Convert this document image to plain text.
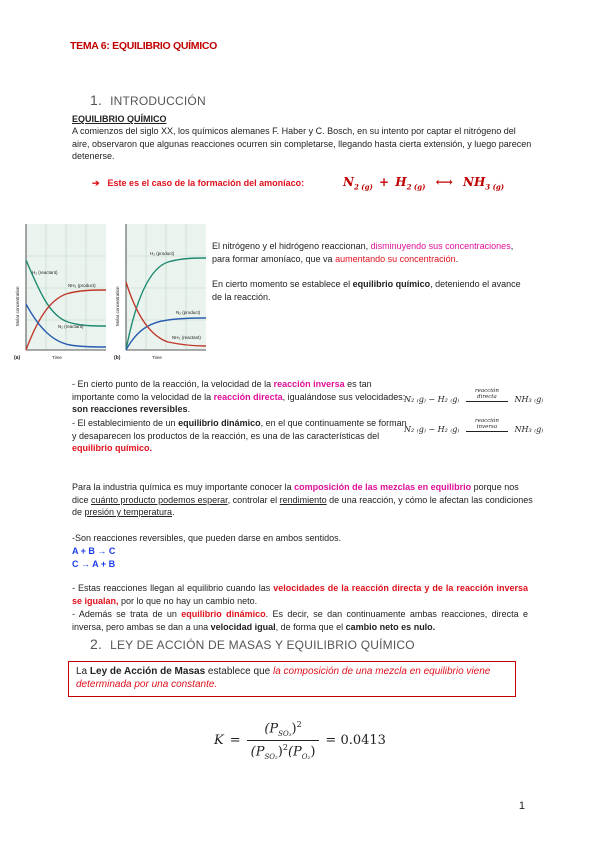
TEMA 6: EQUILIBRIO QUÍMICO
1. INTRODUCCIÓN
EQUILIBRIO QUÍMICO
A comienzos del siglo XX, los químicos alemanes F. Haber y C. Bosch, en su intento por captar el nitrógeno del aire, observaron que algunas reacciones ocurren sin completarse, llegando hasta cierta extensión, y luego parecen detenerse.
➔ Este es el caso de la formación del amoníaco:	$N_{2 (g)} + H_{2 (g)}$ ⟷ $NH_{3 (g)}$
H₂ (reactant)
NH₃ (product)
N₂ (reactant)
Molar concentration
Time
(a)
H₂ (product)
N₂ (product)
NH₃ (reactant)
Molar concentration
Time
(b)
El nitrógeno y el hidrógeno reaccionan, disminuyendo sus concentraciones, para formar amoníaco, que va aumentando su concentración.
En cierto momento se establece el equilibrio químico, deteniendo el avance de la reacción.
- En cierto punto de la reacción, la velocidad de la reacción inversa es tan importante como la velocidad de la reacción directa, igualándose sus velocidades: son reacciones reversibles.
- El establecimiento de un equilibrio dinámico, en el que continuamente se forman y desaparecen los productos de la reacción, es una de las características del equilibrio químico.
N₂ ₍g₎ − H₂ ₍g₎ reacción directa NH₃ ₍g₎
N₂ ₍g₎ − H₂ ₍g₎ reacción inversa NH₃ ₍g₎
Para la industria química es muy importante conocer la composición de las mezclas en equilibrio porque nos dice cuánto producto podemos esperar, controlar el rendimiento de una reacción, y cómo le afectan las condiciones de presión y temperatura.
-Son reacciones reversibles, que pueden darse en ambos sentidos.
A + B → C
C → A + B
- Estas reacciones llegan al equilibrio cuando las velocidades de la reacción directa y de la reacción inversa se igualan, por lo que no hay un cambio neto.
- Además se trata de un equilibrio dinámico. Es decir, se dan continuamente ambas reacciones, directa e inversa, pero ambas se dan a una velocidad igual, de forma que el cambio neto es nulo.
2. LEY DE ACCIÓN DE MASAS Y EQUILIBRIO QUÍMICO
La Ley de Acción de Masas establece que la composición de una mezcla en equilibrio viene determinada por una constante.
K =
$(P_{SO_3})^2$
$(P_{SO_2})^2(P_{O_2})$
= 0.0413
1
